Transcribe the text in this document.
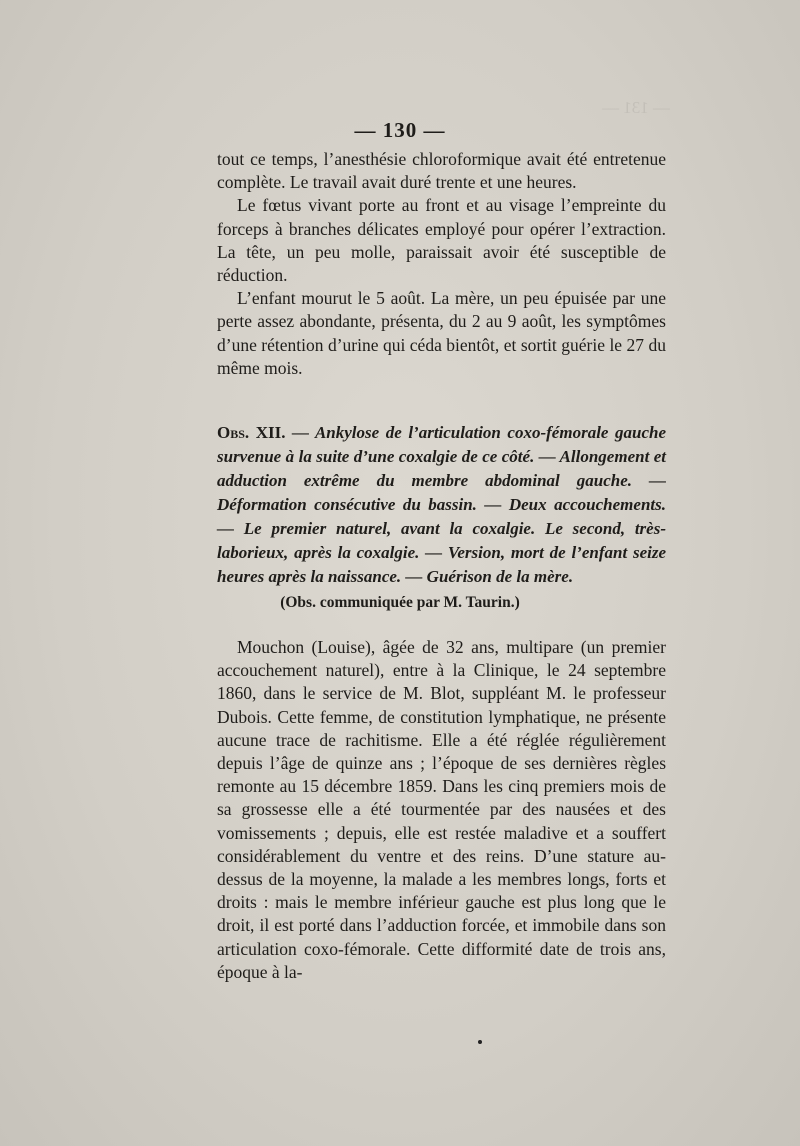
— 131 —
— 130 —

tout ce temps, l’anesthésie chloroformique avait été entretenue complète. Le travail avait duré trente et une heures.

Le fœtus vivant porte au front et au visage l’empreinte du forceps à branches délicates employé pour opérer l’extraction. La tête, un peu molle, paraissait avoir été susceptible de réduction.

L’enfant mourut le 5 août. La mère, un peu épuisée par une perte assez abondante, présenta, du 2 au 9 août, les symptômes d’une rétention d’urine qui céda bientôt, et sortit guérie le 27 du même mois.

Obs. XII. — Ankylose de l’articulation coxo-fémorale gauche survenue à la suite d’une coxalgie de ce côté. — Allongement et adduction extrême du membre abdominal gauche. — Déformation consécutive du bassin. — Deux accouchements. — Le premier naturel, avant la coxalgie. Le second, très-laborieux, après la coxalgie. — Version, mort de l’enfant seize heures après la naissance. — Guérison de la mère.
(Obs. communiquée par M. Taurin.)

Mouchon (Louise), âgée de 32 ans, multipare (un premier accouchement naturel), entre à la Clinique, le 24 septembre 1860, dans le service de M. Blot, suppléant M. le professeur Dubois. Cette femme, de constitution lymphatique, ne présente aucune trace de rachitisme. Elle a été réglée régulièrement depuis l’âge de quinze ans ; l’époque de ses dernières règles remonte au 15 décembre 1859. Dans les cinq premiers mois de sa grossesse elle a été tourmentée par des nausées et des vomissements ; depuis, elle est restée maladive et a souffert considérablement du ventre et des reins. D’une stature au-dessus de la moyenne, la malade a les membres longs, forts et droits : mais le membre inférieur gauche est plus long que le droit, il est porté dans l’adduction forcée, et immobile dans son articulation coxo-fémorale. Cette difformité date de trois ans, époque à la-
